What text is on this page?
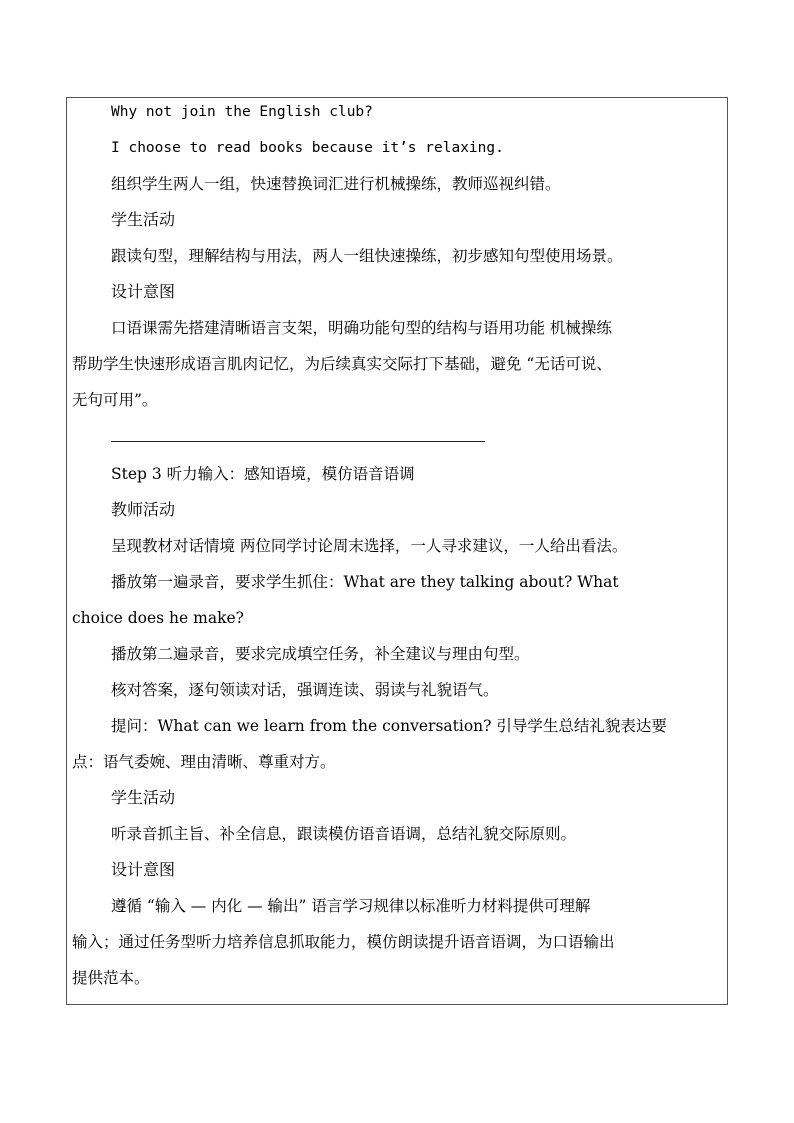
Why not join the English club?
I choose to read books because it’s relaxing.
组织学生两人一组，快速替换词汇进行机械操练，教师巡视纠错。
学生活动
跟读句型，理解结构与用法，两人一组快速操练，初步感知句型使用场景。
设计意图
口语课需先搭建清晰语言支架，明确功能句型的结构与语用功能 机械操练
帮助学生快速形成语言肌肉记忆，为后续真实交际打下基础，避免 “无话可说、
无句可用”。
Step 3 听力输入：感知语境，模仿语音语调
教师活动
呈现教材对话情境 两位同学讨论周末选择，一人寻求建议，一人给出看法。
播放第一遍录音，要求学生抓住：What are they talking about? What
choice does he make?
播放第二遍录音，要求完成填空任务，补全建议与理由句型。
核对答案，逐句领读对话，强调连读、弱读与礼貌语气。
提问：What can we learn from the conversation? 引导学生总结礼貌表达要
点：语气委婉、理由清晰、尊重对方。
学生活动
听录音抓主旨、补全信息，跟读模仿语音语调，总结礼貌交际原则。
设计意图
遵循 “输入 — 内化 — 输出” 语言学习规律以标准听力材料提供可理解
输入；通过任务型听力培养信息抓取能力，模仿朗读提升语音语调，为口语输出
提供范本。
